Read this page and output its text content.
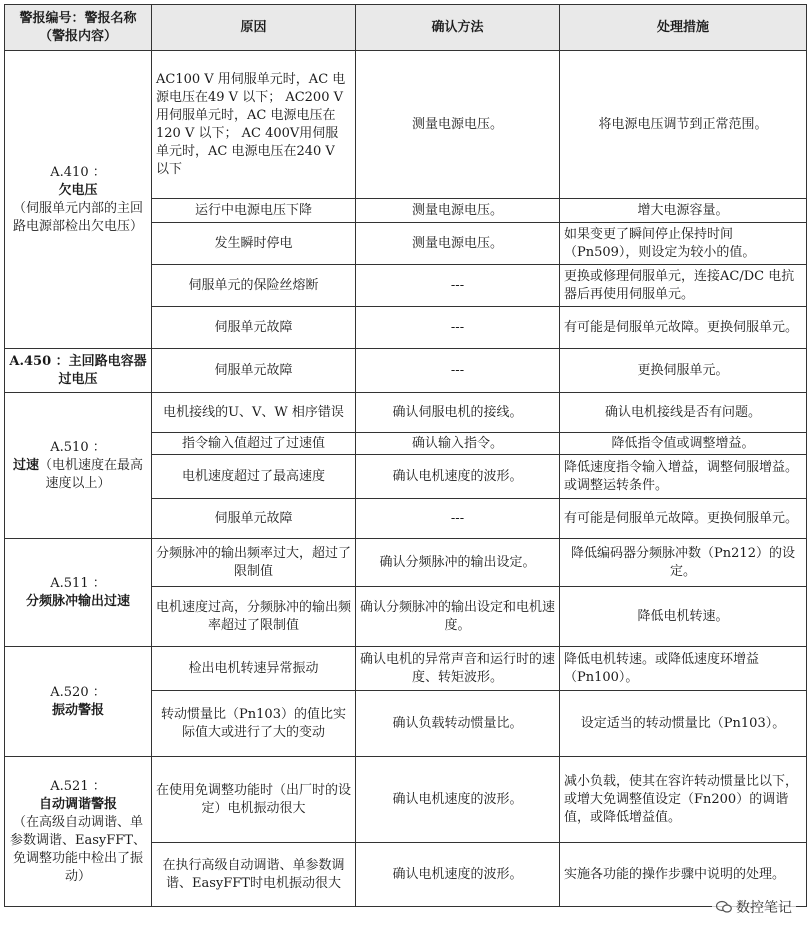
警报编号：警报名称（警报内容）	原因	确认方法	处理措施

A.410 ：
欠电压
（伺服单元内部的主回路电源部检出欠电压）	AC100 V 用伺服单元时，AC 电源电压在49 V 以下； AC200 V 用伺服单元时，AC 电源电压在120 V 以下； AC 400V用伺服单元时，AC 电源电压在240 V 以下	测量电源电压。	将电源电压调节到正常范围。
	运行中电源电压下降	测量电源电压。	增大电源容量。
	发生瞬时停电	测量电源电压。	如果变更了瞬间停止保持时间（Pn509），则设定为较小的值。
	伺服单元的保险丝熔断	---	更换或修理伺服单元，连接AC/DC 电抗器后再使用伺服单元。
	伺服单元故障	---	有可能是伺服单元故障。更换伺服单元。
A.450 ：主回路电容器过电压	伺服单元故障	---	更换伺服单元。

A.510 ：
过速（电机速度在最高速度以上）	电机接线的U、V、W 相序错误	确认伺服电机的接线。	确认电机接线是否有问题。
	指令输入值超过了过速值	确认输入指令。	降低指令值或调整增益。
	电机速度超过了最高速度	确认电机速度的波形。	降低速度指令输入增益，调整伺服增益。或调整运转条件。
	伺服单元故障	---	有可能是伺服单元故障。更换伺服单元。

A.511 ：
分频脉冲输出过速	分频脉冲的输出频率过大，超过了限制值	确认分频脉冲的输出设定。	降低编码器分频脉冲数（Pn212）的设定。
	电机速度过高，分频脉冲的输出频率超过了限制值	确认分频脉冲的输出设定和电机速度。	降低电机转速。

A.520 ：
振动警报	检出电机转速异常振动	确认电机的异常声音和运行时的速度、转矩波形。	降低电机转速。或降低速度环增益（Pn100）。
	转动惯量比（Pn103）的值比实际值大或进行了大的变动	确认负载转动惯量比。	设定适当的转动惯量比（Pn103）。

A.521 ：
自动调谐警报
（在高级自动调谐、单参数调谐、EasyFFT、免调整功能中检出了振动）	在使用免调整功能时（出厂时的设定）电机振动很大	确认电机速度的波形。	减小负载，使其在容许转动惯量比以下，或增大免调整值设定（Fn200）的调谐值，或降低增益值。
	在执行高级自动调谐、单参数调谐、EasyFFT时电机振动很大	确认电机速度的波形。	实施各功能的操作步骤中说明的处理。
数控笔记
